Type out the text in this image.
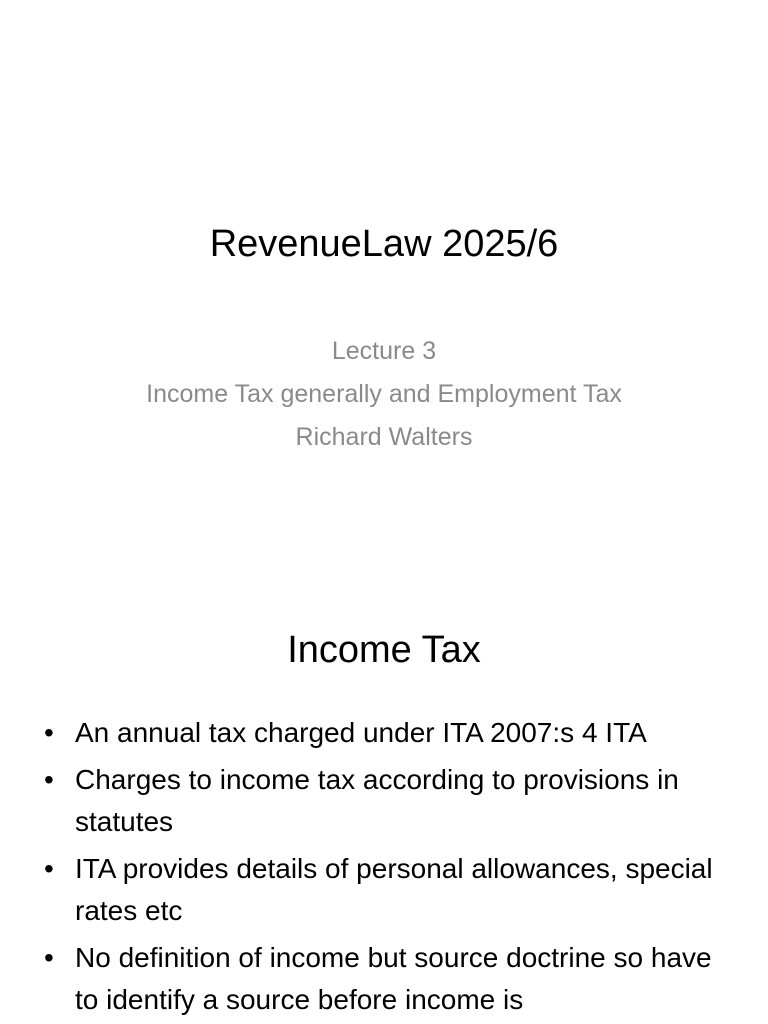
RevenueLaw 2025/6
Lecture 3
Income Tax generally and Employment Tax
Richard Walters
Income Tax
• An annual tax charged under ITA 2007:s 4 ITA
• Charges to income tax according to provisions in statutes
• ITA provides details of personal allowances, special rates etc
• No definition of income but source doctrine so have to identify a source before income is
